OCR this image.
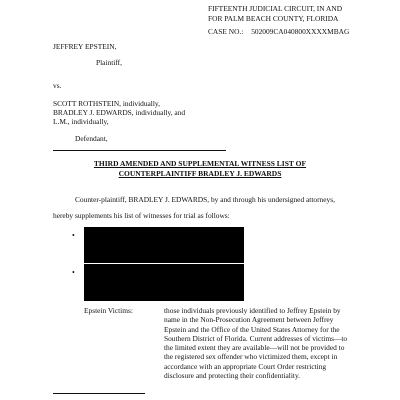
FIFTEENTH JUDICIAL CIRCUIT, IN AND
FOR PALM BEACH COUNTY, FLORIDA
CASE NO.: 502009CA040800XXXXMBAG
JEFFREY EPSTEIN,
Plaintiff,
vs.
SCOTT ROTHSTEIN, individually,
BRADLEY J. EDWARDS, individually, and
L.M., individually,
Defendant,
THIRD AMENDED AND SUPPLEMENTAL WITNESS LIST OF
COUNTERPLAINTIFF BRADLEY J. EDWARDS
Counter-plaintiff, BRADLEY J. EDWARDS, by and through his undersigned attorneys,
hereby supplements his list of witnesses for trial as follows:
•
•
Epstein Victims:	those individuals previously identified to Jeffrey Epstein by name in the Non-Prosecution Agreement between Jeffrey Epstein and the Office of the United States Attorney for the Southern District of Florida. Current addresses of victims—to the limited extent they are available—will not be provided to the registered sex offender who victimized them, except in accordance with an appropriate Court Order restricting disclosure and protecting their confidentiality.
